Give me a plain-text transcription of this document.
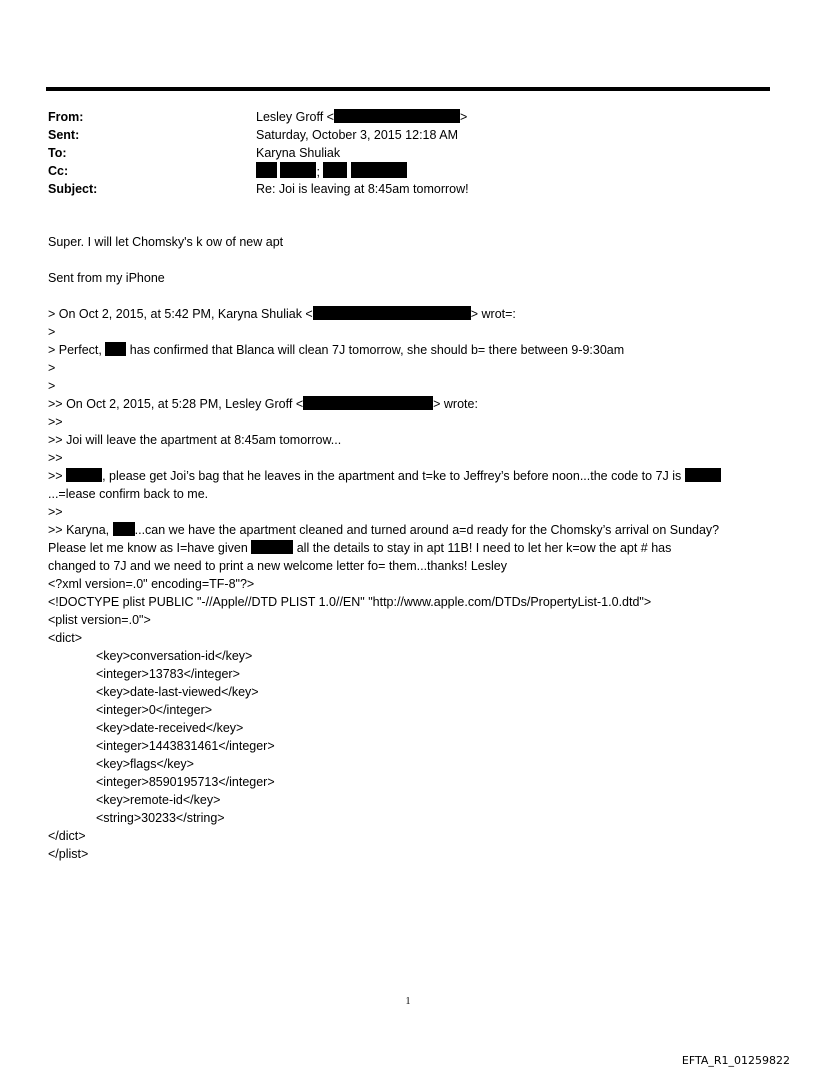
From:	Lesley Groff <	>
Sent:	Saturday, October 3, 2015 12:18 AM
To:	Karyna Shuliak
Cc:	;
Subject:	Re: Joi is leaving at 8:45am tomorrow!
Super. I will let Chomsky's k ow of new apt
Sent from my iPhone
> On Oct 2, 2015, at 5:42 PM, Karyna Shuliak <	> wrot=:
>
> Perfect,  has confirmed that Blanca will clean 7J tomorrow, she should b= there between 9-9:30am
>
>
>> On Oct 2, 2015, at 5:28 PM, Lesley Groff <	> wrote:
>>
>> Joi will leave the apartment at 8:45am tomorrow...
>>
>>	, please get Joi’s bag that he leaves in the apartment and t=ke to Jeffrey’s before noon...the code to 7J is
...=lease confirm back to me.
>>
>> Karyna, ...can we have the apartment cleaned and turned around a=d ready for the Chomsky’s arrival on Sunday?
Please let me know as I=have given	all the details to stay in apt 11B! I need to let her k=ow the apt # has
changed to 7J and we need to print a new welcome letter fo= them...thanks! Lesley
<?xml version=.0" encoding=TF-8"?>
<!DOCTYPE plist PUBLIC "-//Apple//DTD PLIST 1.0//EN" "http://www.apple.com/DTDs/PropertyList-1.0.dtd">
<plist version=.0">
<dict>
<key>conversation-id</key>
<integer>13783</integer>
<key>date-last-viewed</key>
<integer>0</integer>
<key>date-received</key>
<integer>1443831461</integer>
<key>flags</key>
<integer>8590195713</integer>
<key>remote-id</key>
<string>30233</string>
</dict>
</plist>
1
EFTA_R1_01259822
